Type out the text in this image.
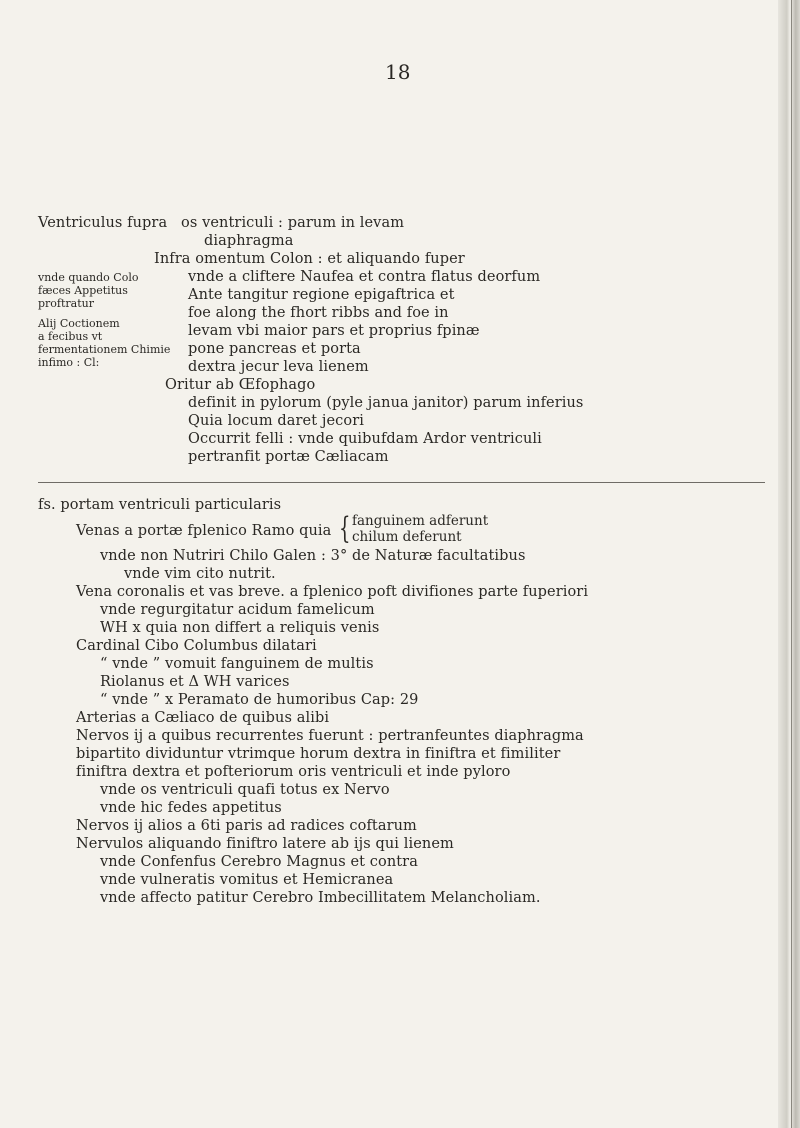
18
Ventriculus fupra os ventriculi : parum in levam
diaphragma
Infra omentum Colon : et aliquando fuper
vnde a cliftere Naufea et contra flatus deorfum
Ante tangitur regione epigaftrica et
foe along the fhort ribbs and foe in
levam vbi maior pars et proprius fpinæ
pone pancreas et porta
dextra jecur leva lienem
Oritur ab Œfophago
definit in pylorum (pyle janua janitor) parum inferius
Quia locum daret jecori
Occurrit felli : vnde quibufdam Ardor ventriculi
pertranfit portæ Cæliacam
vnde quando Colo
fæces Appetitus
proftratur
Alij Coctionem
a fecibus vt
fermentationem Chimie
infimo : Cl:
fs. portam ventriculi particularis
Venas a portæ fplenico Ramo quia { fanguinem adferunt
chilum deferunt
vnde non Nutriri Chilo Galen : 3° de Naturæ facultatibus
vnde vim cito nutrit.
Vena coronalis et vas breve. a fplenico poft divifiones parte fuperiori
vnde regurgitatur acidum famelicum
WH x quia non differt a reliquis venis
Cardinal Cibo Columbus dilatari
“ vnde ” vomuit fanguinem de multis
Riolanus et Δ WH varices
“ vnde ” x Peramato de humoribus Cap: 29
Arterias a Cæliaco de quibus alibi
Nervos ij a quibus recurrentes fuerunt : pertranfeuntes diaphragma
bipartito dividuntur vtrimque horum dextra in finiftra et fimiliter
finiftra dextra et pofteriorum oris ventriculi et inde pyloro
vnde os ventriculi quafi totus ex Nervo
vnde hic fedes appetitus
Nervos ij alios a 6ti paris ad radices coftarum
Nervulos aliquando finiftro latere ab ijs qui lienem
vnde Confenfus Cerebro Magnus et contra
vnde vulneratis vomitus et Hemicranea
vnde affecto patitur Cerebro Imbecillitatem Melancholiam.
